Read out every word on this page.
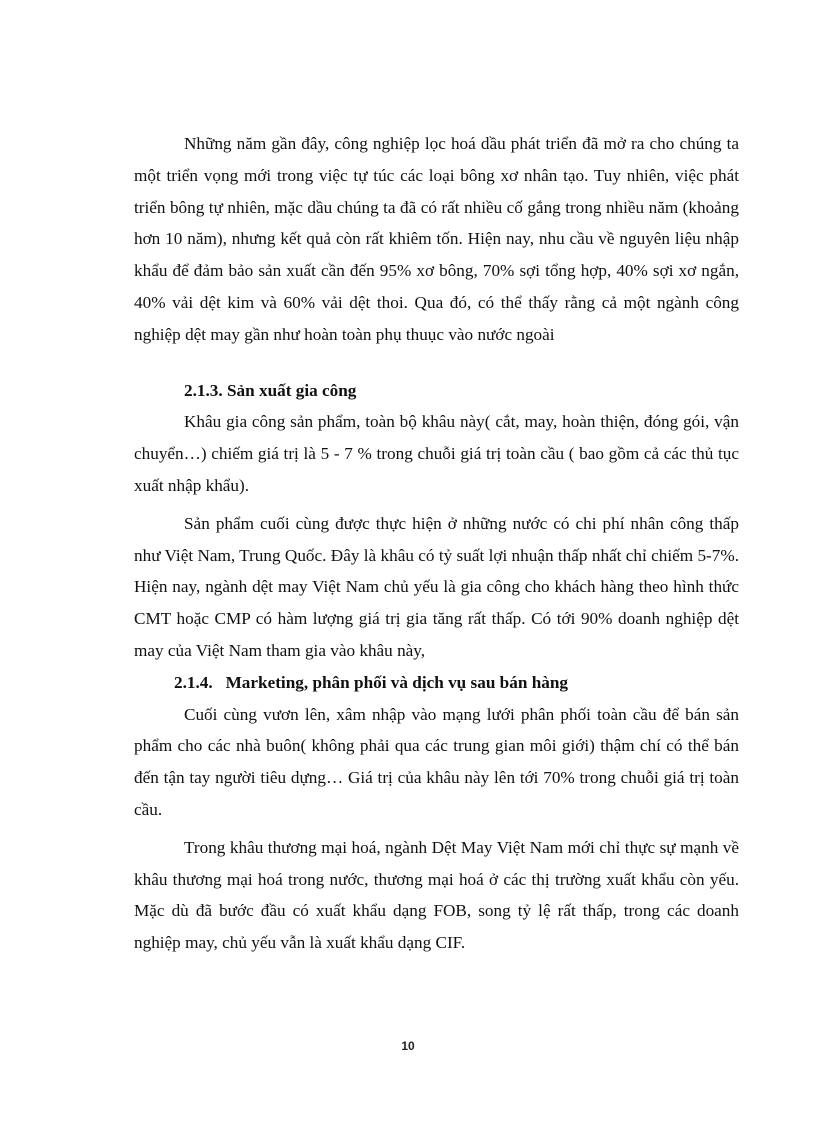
Những năm gần đây, công nghiệp lọc hoá dầu phát triển đã mở ra cho chúng ta một triển vọng mới trong việc tự túc các loại bông xơ nhân tạo. Tuy nhiên, việc phát triển bông tự nhiên, mặc dầu chúng ta đã có rất nhiều cố gắng trong nhiều năm (khoảng hơn 10 năm), nhưng kết quả còn rất khiêm tốn. Hiện nay, nhu cầu về nguyên liệu nhập khẩu để đảm bảo sản xuất cần đến 95% xơ bông, 70% sợi tổng hợp, 40% sợi xơ ngắn, 40% vải dệt kim và 60% vải dệt thoi. Qua đó, có thể thấy rằng cả một ngành công nghiệp dệt may gần như hoàn toàn phụ thuục vào nước ngoài

2.1.3. Sản xuất gia công

Khâu gia công sản phẩm, toàn bộ khâu này( cắt, may, hoàn thiện, đóng gói, vận chuyển…) chiếm giá trị là 5 - 7 % trong chuỗi giá trị toàn cầu ( bao gồm cả các thủ tục xuất nhập khẩu).

Sản phẩm cuối cùng được thực hiện ở những nước có chi phí nhân công thấp như Việt Nam, Trung Quốc. Đây là khâu có tỷ suất lợi nhuận thấp nhất chỉ chiếm 5-7%. Hiện nay, ngành dệt may Việt Nam chủ yếu là gia công cho khách hàng theo hình thức CMT hoặc CMP có hàm lượng giá trị gia tăng rất thấp. Có tới 90% doanh nghiệp dệt may của Việt Nam tham gia vào khâu này,

2.1.4.   Marketing, phân phối và dịch vụ sau bán hàng

Cuối cùng vươn lên, xâm nhập vào mạng lưới phân phối toàn cầu để bán sản phẩm cho các nhà buôn( không phải qua các trung gian môi giới) thậm chí có thể bán đến tận tay người tiêu dựng… Giá trị của khâu này lên tới 70% trong chuỗi giá trị toàn cầu.

Trong khâu thương mại hoá, ngành Dệt May Việt Nam mới chỉ thực sự mạnh về khâu thương mại hoá trong nước, thương mại hoá ở các thị trường xuất khẩu còn yếu. Mặc dù đã bước đầu có xuất khẩu dạng FOB, song tỷ lệ rất thấp, trong các doanh nghiệp may, chủ yếu vẫn là xuất khẩu dạng CIF.

10
